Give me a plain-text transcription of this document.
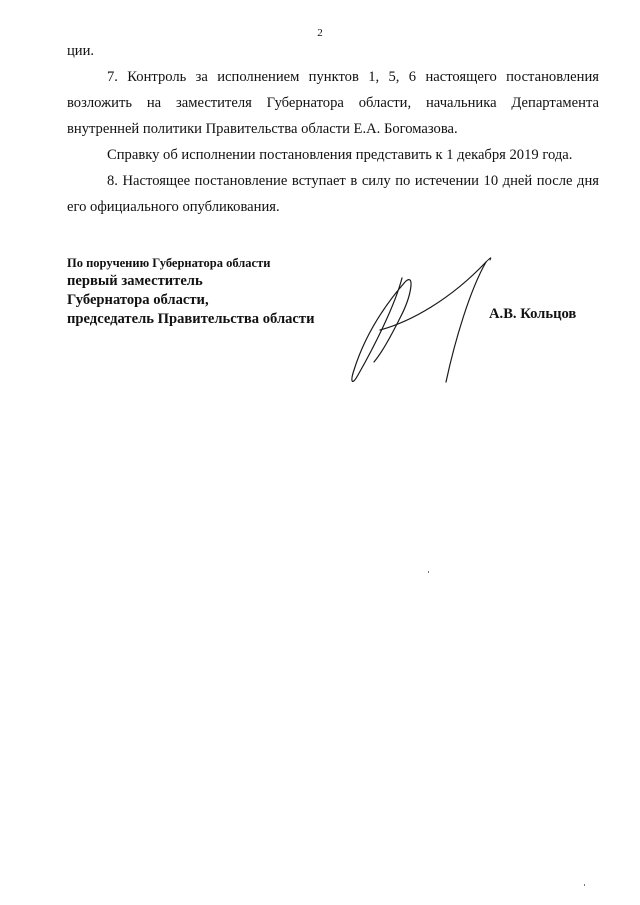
2

ции.

7. Контроль за исполнением пунктов 1, 5, 6 настоящего постановления возложить на заместителя Губернатора области, начальника Департамента внутренней политики Правительства области Е.А. Богомазова.

Справку об исполнении постановления представить к 1 декабря 2019 года.

8. Настоящее постановление вступает в силу по истечении 10 дней после дня его официального опубликования.

По поручению Губернатора области
первый заместитель
Губернатора области,
председатель Правительства области	А.В. Кольцов
